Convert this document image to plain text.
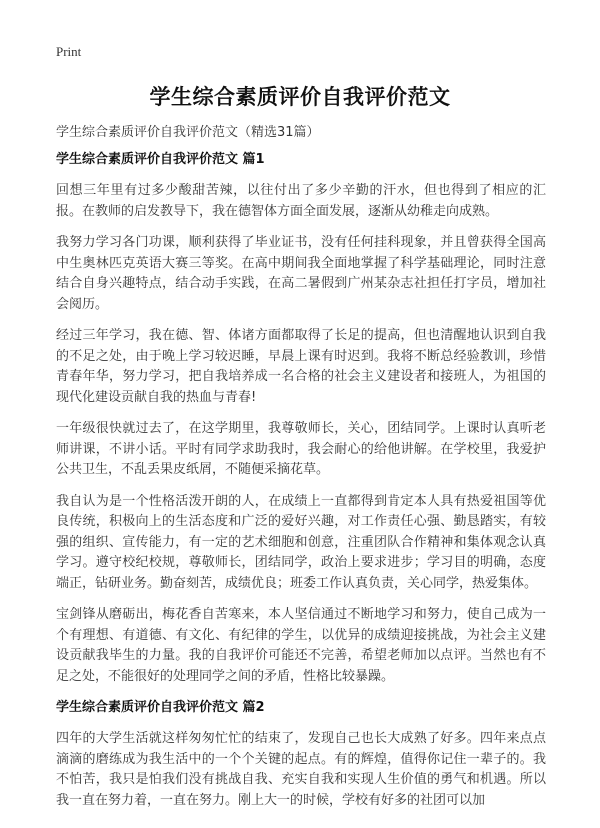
Print
学生综合素质评价自我评价范文

学生综合素质评价自我评价范文（精选31篇）

学生综合素质评价自我评价范文 篇1

回想三年里有过多少酸甜苦辣，以往付出了多少辛勤的汗水，但也得到了相应的汇报。在教师的启发教导下，我在德智体方面全面发展，逐渐从幼稚走向成熟。

我努力学习各门功课，顺利获得了毕业证书，没有任何挂科现象，并且曾获得全国高中生奥林匹克英语大赛三等奖。在高中期间我全面地掌握了科学基础理论，同时注意结合自身兴趣特点，结合动手实践，在高二暑假到广州某杂志社担任打字员，增加社会阅历。

经过三年学习，我在德、智、体诸方面都取得了长足的提高，但也清醒地认识到自我的不足之处，由于晚上学习较迟睡，早晨上课有时迟到。我将不断总经验教训，珍惜青春年华，努力学习，把自我培养成一名合格的社会主义建设者和接班人，为祖国的现代化建设贡献自我的热血与青春!

一年级很快就过去了，在这学期里，我尊敬师长，关心，团结同学。上课时认真听老师讲课，不讲小话。平时有同学求助我时，我会耐心的给他讲解。在学校里，我爱护公共卫生，不乱丢果皮纸屑，不随便采摘花草。

我自认为是一个性格活泼开朗的人，在成绩上一直都得到肯定本人具有热爱祖国等优良传统，积极向上的生活态度和广泛的爱好兴趣，对工作责任心强、勤恳踏实，有较强的组织、宣传能力，有一定的艺术细胞和创意，注重团队合作精神和集体观念认真学习。遵守校纪校规，尊敬师长，团结同学，政治上要求进步；学习目的明确，态度端正，钻研业务。勤奋刻苦，成绩优良；班委工作认真负责，关心同学，热爱集体。

宝剑锋从磨砺出，梅花香自苦寒来，本人坚信通过不断地学习和努力，使自己成为一个有理想、有道德、有文化、有纪律的学生，以优异的成绩迎接挑战，为社会主义建设贡献我毕生的力量。我的自我评价可能还不完善，希望老师加以点评。当然也有不足之处，不能很好的处理同学之间的矛盾，性格比较暴躁。

学生综合素质评价自我评价范文 篇2

四年的大学生活就这样匆匆忙忙的结束了，发现自己也长大成熟了好多。四年来点点滴滴的磨练成为我生活中的一个个关键的起点。有的辉煌，值得你记住一辈子的。我不怕苦，我只是怕我们没有挑战自我、充实自我和实现人生价值的勇气和机遇。所以我一直在努力着，一直在努力。刚上大一的时候，学校有好多的社团可以加
